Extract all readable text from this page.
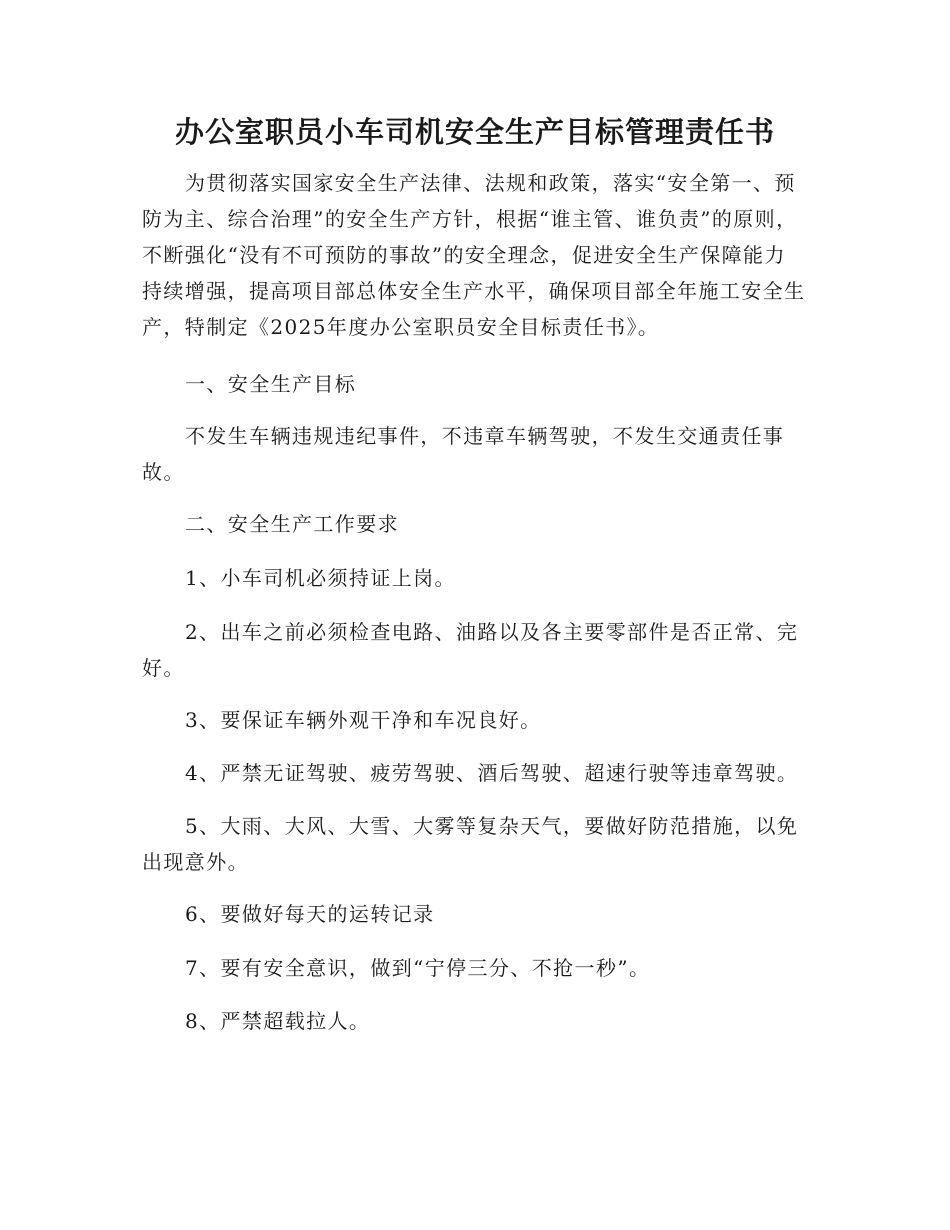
办公室职员小车司机安全生产目标管理责任书

为贯彻落实国家安全生产法律、法规和政策，落实“安全第一、预防为主、综合治理”的安全生产方针，根据“谁主管、谁负责”的原则，不断强化“没有不可预防的事故”的安全理念，促进安全生产保障能力持续增强，提高项目部总体安全生产水平，确保项目部全年施工安全生产，特制定《2025年度办公室职员安全目标责任书》。

一、安全生产目标

不发生车辆违规违纪事件，不违章车辆驾驶，不发生交通责任事故。

二、安全生产工作要求

1、小车司机必须持证上岗。

2、出车之前必须检查电路、油路以及各主要零部件是否正常、完好。

3、要保证车辆外观干净和车况良好。

4、严禁无证驾驶、疲劳驾驶、酒后驾驶、超速行驶等违章驾驶。

5、大雨、大风、大雪、大雾等复杂天气，要做好防范措施，以免出现意外。

6、要做好每天的运转记录

7、要有安全意识，做到“宁停三分、不抢一秒”。

8、严禁超载拉人。
